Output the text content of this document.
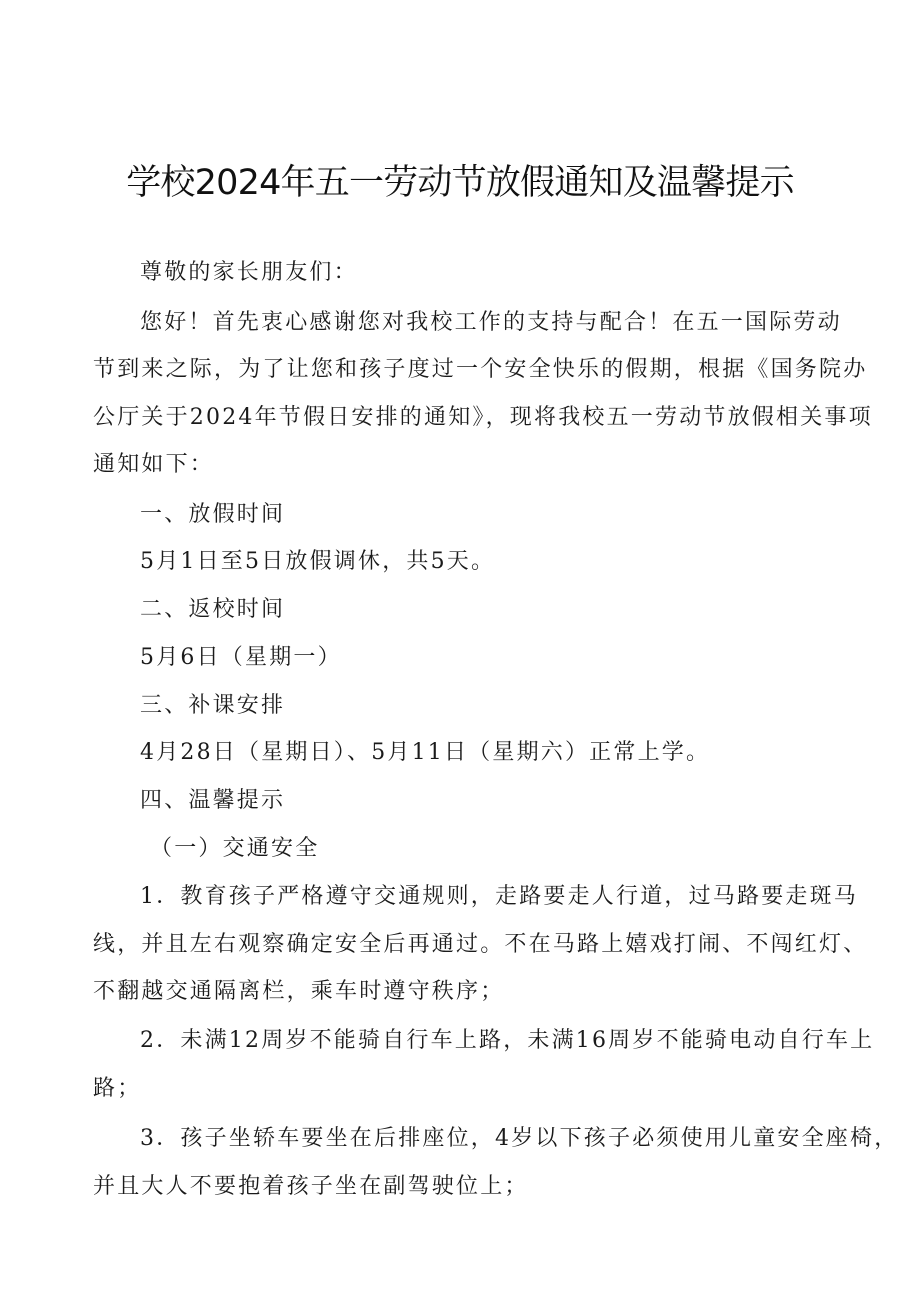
学校2024年五一劳动节放假通知及温馨提示
尊敬的家长朋友们：
您好！首先衷心感谢您对我校工作的支持与配合！在五一国际劳动
节到来之际，为了让您和孩子度过一个安全快乐的假期，根据《国务院办
公厅关于2024年节假日安排的通知》，现将我校五一劳动节放假相关事项
通知如下：
一、放假时间
5月1日至5日放假调休，共5天。
二、返校时间
5月6日（星期一）
三、补课安排
4月28日（星期日）、5月11日（星期六）正常上学。
四、温馨提示
（一）交通安全
1．教育孩子严格遵守交通规则，走路要走人行道，过马路要走斑马
线，并且左右观察确定安全后再通过。不在马路上嬉戏打闹、不闯红灯、
不翻越交通隔离栏，乘车时遵守秩序；
2．未满12周岁不能骑自行车上路，未满16周岁不能骑电动自行车上
路；
3．孩子坐轿车要坐在后排座位，4岁以下孩子必须使用儿童安全座椅，
并且大人不要抱着孩子坐在副驾驶位上；
